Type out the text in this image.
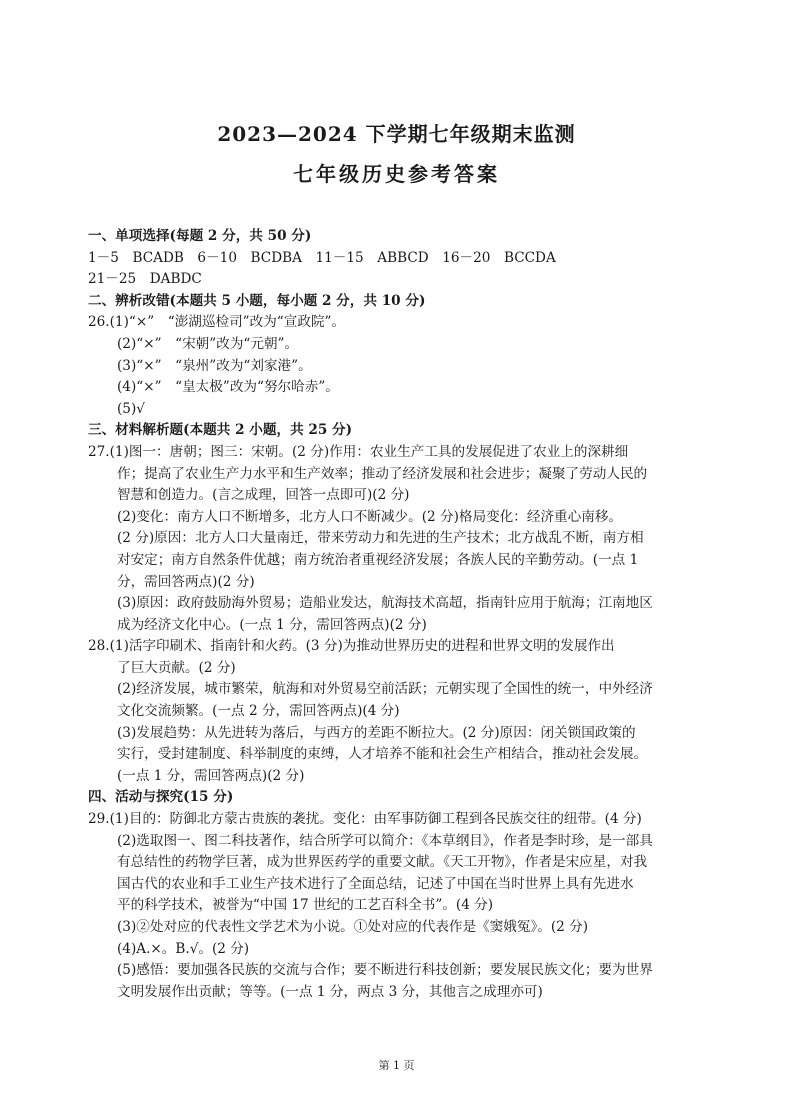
2023—2024 下学期七年级期末监测
七年级历史参考答案

一、单项选择(每题 2 分，共 50 分)

1－5　BCADB　6－10　BCDBA　11－15　ABBCD　16－20　BCCDA

21－25　DABDC

二、辨析改错(本题共 5 小题，每小题 2 分，共 10 分)

26.(1)“×”　“澎湖巡检司”改为“宣政院”。

(2)“×”　“宋朝”改为“元朝”。

(3)“×”　“泉州”改为“刘家港”。

(4)“×”　“皇太极”改为“努尔哈赤”。

(5)√

三、材料解析题(本题共 2 小题，共 25 分)

27.(1)图一：唐朝；图三：宋朝。(2 分)作用：农业生产工具的发展促进了农业上的深耕细

作；提高了农业生产力水平和生产效率；推动了经济发展和社会进步；凝聚了劳动人民的

智慧和创造力。(言之成理，回答一点即可)(2 分)

(2)变化：南方人口不断增多，北方人口不断减少。(2 分)格局变化：经济重心南移。

(2 分)原因：北方人口大量南迁，带来劳动力和先进的生产技术；北方战乱不断，南方相

对安定；南方自然条件优越；南方统治者重视经济发展；各族人民的辛勤劳动。(一点 1

分，需回答两点)(2 分)

(3)原因：政府鼓励海外贸易；造船业发达，航海技术高超，指南针应用于航海；江南地区

成为经济文化中心。(一点 1 分，需回答两点)(2 分)

28.(1)活字印刷术、指南针和火药。(3 分)为推动世界历史的进程和世界文明的发展作出

了巨大贡献。(2 分)

(2)经济发展，城市繁荣，航海和对外贸易空前活跃；元朝实现了全国性的统一，中外经济

文化交流频繁。(一点 2 分，需回答两点)(4 分)

(3)发展趋势：从先进转为落后，与西方的差距不断拉大。(2 分)原因：闭关锁国政策的

实行，受封建制度、科举制度的束缚，人才培养不能和社会生产相结合，推动社会发展。

(一点 1 分，需回答两点)(2 分)

四、活动与探究(15 分)

29.(1)目的：防御北方蒙古贵族的袭扰。变化：由军事防御工程到各民族交往的纽带。(4 分)

(2)选取图一、图二科技著作，结合所学可以简介：《本草纲目》，作者是李时珍，是一部具

有总结性的药物学巨著，成为世界医药学的重要文献。《天工开物》，作者是宋应星，对我

国古代的农业和手工业生产技术进行了全面总结，记述了中国在当时世界上具有先进水

平的科学技术，被誉为“中国 17 世纪的工艺百科全书”。(4 分)

(3)②处对应的代表性文学艺术为小说。①处对应的代表作是《窦娥冤》。(2 分)

(4)A.×。B.√。(2 分)

(5)感悟：要加强各民族的交流与合作；要不断进行科技创新；要发展民族文化；要为世界

文明发展作出贡献；等等。(一点 1 分，两点 3 分，其他言之成理亦可)

第 1 页
